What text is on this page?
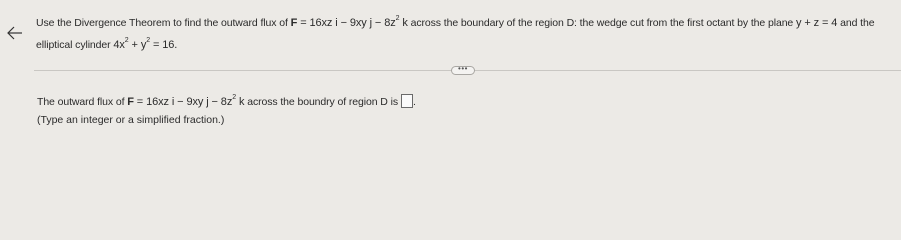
Use the Divergence Theorem to find the outward flux of F = 16xz i − 9xy $j - 8z^2$ k across the boundary of the region D: the wedge cut from the first octant by the plane y + z = 4 and the
elliptical cylinder $4x^2 + y^2 = 16$.
•••
The outward flux of F = 16xz i − 9xy $j - 8z^2$ k across the boundry of region D is .
(Type an integer or a simplified fraction.)
